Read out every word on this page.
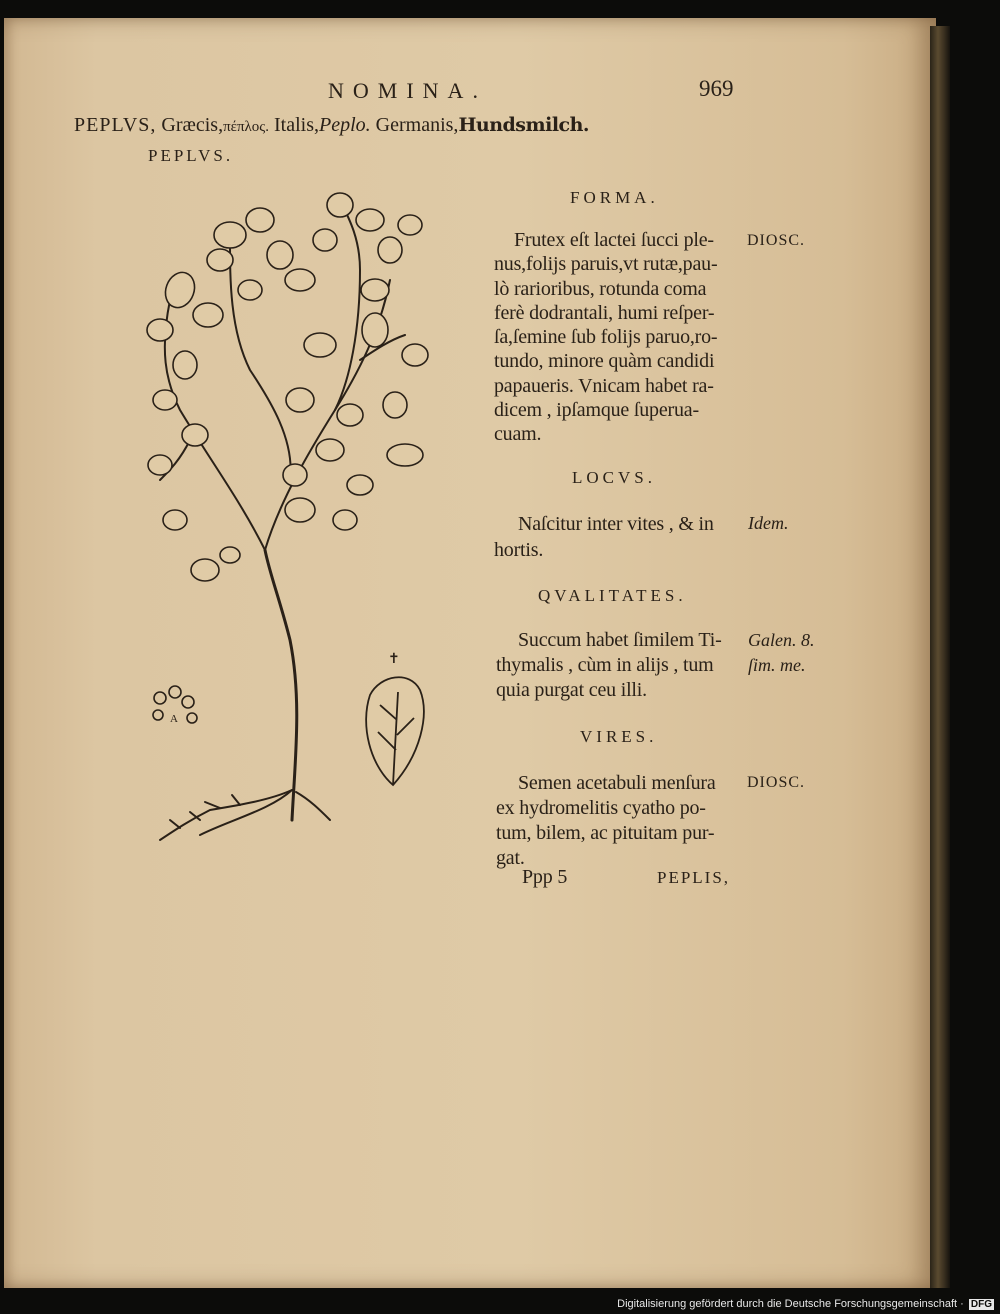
NOMINA.	969
PEPLVS, Græcis,πέπλος. Italis,Peplo. Germanis,Hundsmilch.
PEPLVS.
A
✝
FORMA.
Frutex eſt lactei ſucci ple-
nus,folijs paruis,vt rutæ,pau-
lò rarioribus, rotunda coma
ferè dodrantali, humi reſper-
ſa,ſemine ſub folijs paruo,ro-
tundo, minore quàm candidi
papaueris. Vnicam habet ra-
dicem , ipſamque ſuperua-
cuam.
DIOSC.
LOCVS.
Naſcitur inter vites , & in
hortis.
Idem.
QVALITATES.
Succum habet ſimilem Ti-
thymalis , cùm in alijs , tum
quia purgat ceu illi.
Galen. 8.
ſim. me.
VIRES.
Semen acetabuli menſura
ex hydromelitis cyatho po-
tum, bilem, ac pituitam pur-
gat.
DIOSC.
Ppp 5	PEPLIS,
Digitalisierung gefördert durch die Deutsche Forschungsgemeinschaft · DFG
